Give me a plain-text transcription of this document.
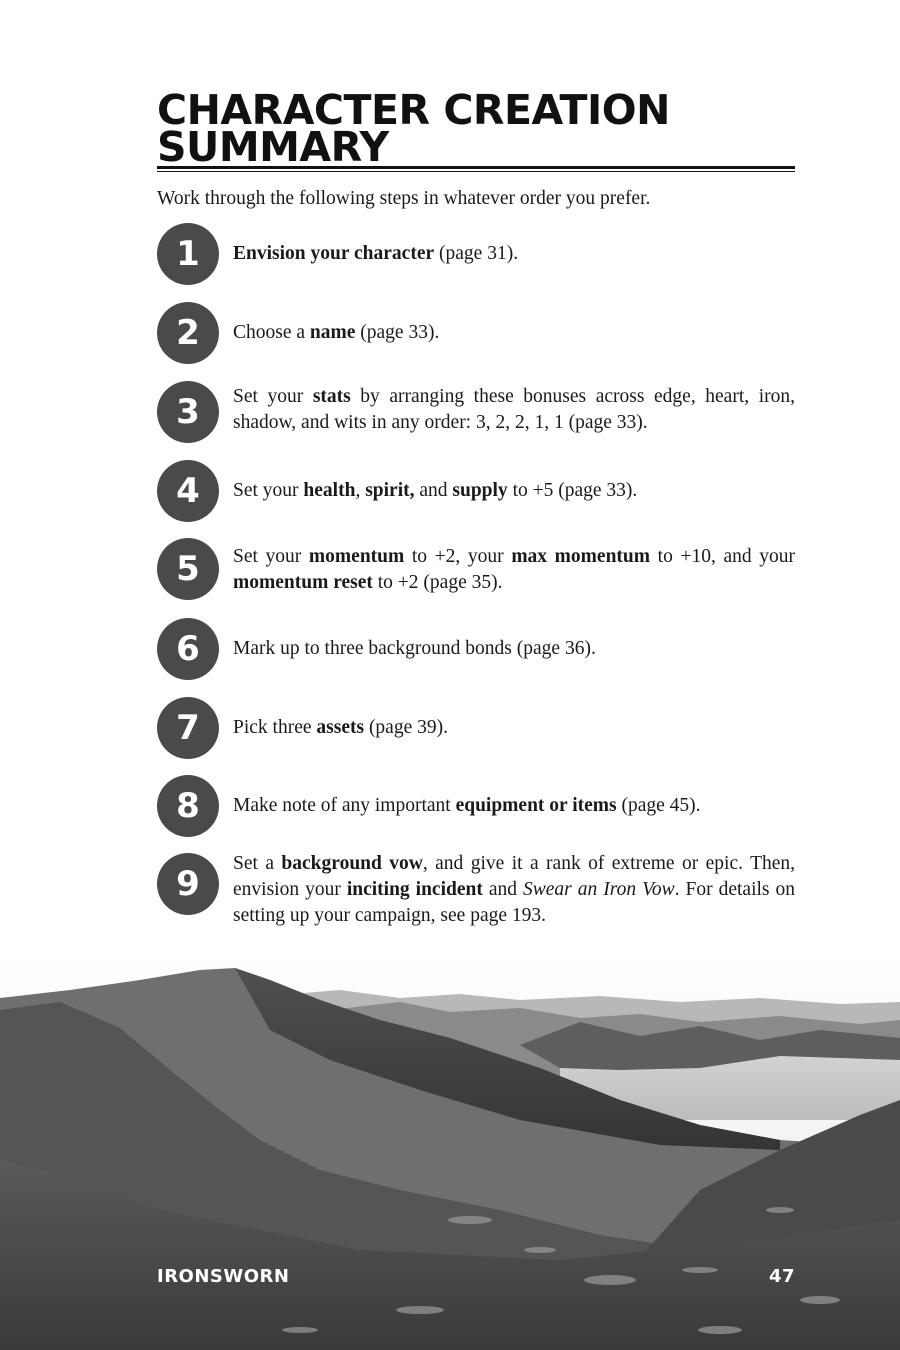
CHARACTER CREATION SUMMARY

Work through the following steps in whatever order you prefer.

1	Envision your character (page 31).
2	Choose a name (page 33).
3	Set your stats by arranging these bonuses across edge, heart, iron, shadow, and wits in any order: 3, 2, 2, 1, 1 (page 33).
4	Set your health, spirit, and supply to +5 (page 33).
5	Set your momentum to +2, your max momentum to +10, and your momentum reset to +2 (page 35).
6	Mark up to three background bonds (page 36).
7	Pick three assets (page 39).
8	Make note of any important equipment or items (page 45).
9
Set a background vow, and give it a rank of extreme or epic. Then, envision your inciting incident and Swear an Iron Vow. For details on setting up your campaign, see page 193.
IRONSWORN	47
